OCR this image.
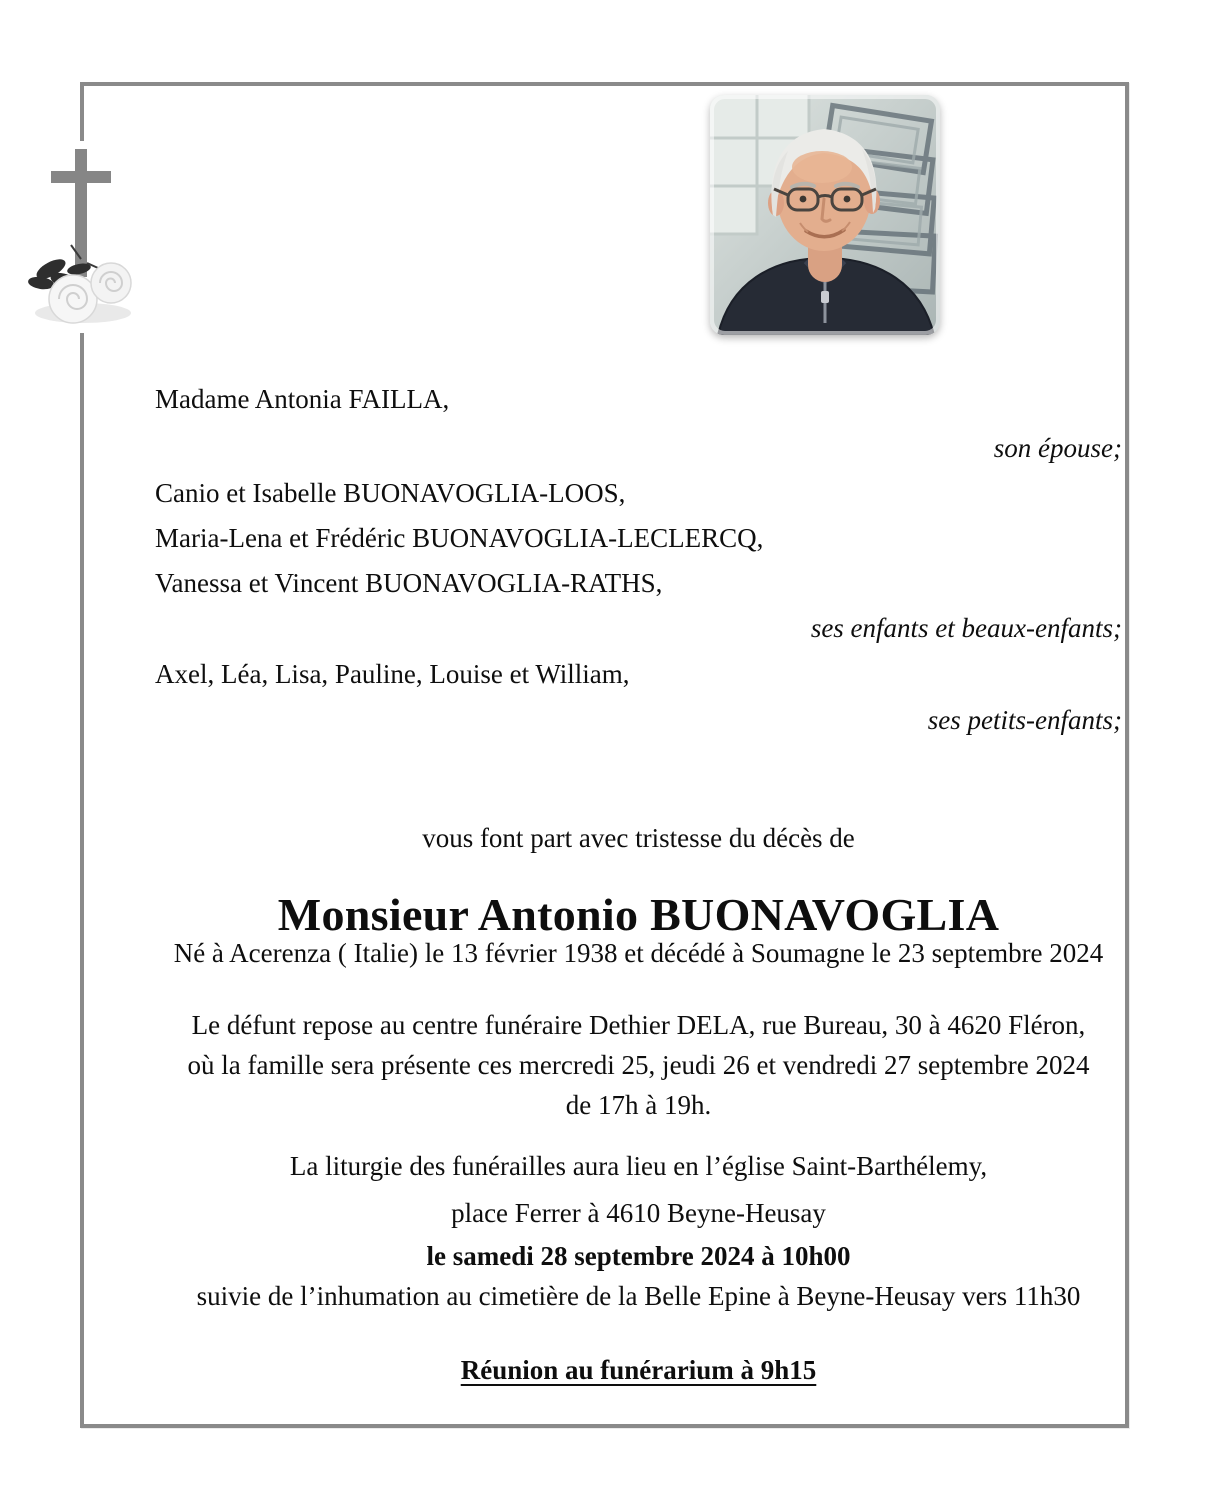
Madame Antonia FAILLA,

son épouse;

Canio et Isabelle BUONAVOGLIA-LOOS,

Maria-Lena et Frédéric BUONAVOGLIA-LECLERCQ,

Vanessa et Vincent BUONAVOGLIA-RATHS,

ses enfants et beaux-enfants;

Axel, Léa, Lisa, Pauline, Louise et William,

ses petits-enfants;

vous font part avec tristesse du décès de

Monsieur Antonio BUONAVOGLIA

Né à Acerenza ( Italie) le 13 février 1938 et décédé à Soumagne le 23 septembre 2024

Le défunt repose au centre funéraire Dethier DELA, rue Bureau, 30 à 4620 Fléron,

où la famille sera présente ces mercredi 25, jeudi 26 et vendredi 27 septembre 2024

de 17h à 19h.

La liturgie des funérailles aura lieu en l’église Saint-Barthélemy,

place Ferrer à 4610 Beyne-Heusay

le samedi 28 septembre 2024 à 10h00

suivie de l’inhumation au cimetière de la Belle Epine à Beyne-Heusay vers 11h30

Réunion au funérarium à 9h15
